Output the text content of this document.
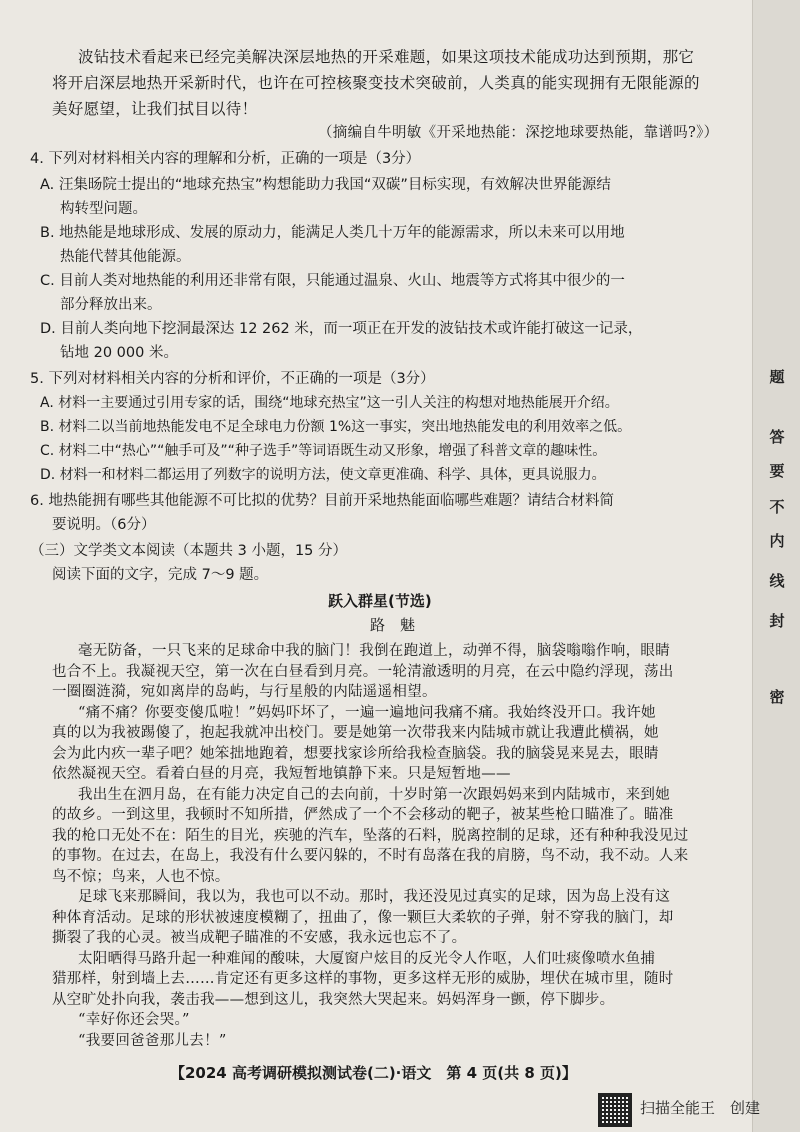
波钻技术看起来已经完美解决深层地热的开采难题，如果这项技术能成功达到预期，那它
将开启深层地热开采新时代，也许在可控核聚变技术突破前，人类真的能实现拥有无限能源的
美好愿望，让我们拭目以待！
（摘编自牛明敏《开采地热能：深挖地球要热能，靠谱吗?》）
4. 下列对材料相关内容的理解和分析，正确的一项是（3分）
A. 汪集旸院士提出的“地球充热宝”构想能助力我国“双碳”目标实现，有效解决世界能源结
构转型问题。
B. 地热能是地球形成、发展的原动力，能满足人类几十万年的能源需求，所以未来可以用地
热能代替其他能源。
C. 目前人类对地热能的利用还非常有限，只能通过温泉、火山、地震等方式将其中很少的一
部分释放出来。
D. 目前人类向地下挖洞最深达 12 262 米，而一项正在开发的波钻技术或许能打破这一记录，
钻地 20 000 米。
5. 下列对材料相关内容的分析和评价，不正确的一项是（3分）
A. 材料一主要通过引用专家的话，围绕“地球充热宝”这一引人关注的构想对地热能展开介绍。
B. 材料二以当前地热能发电不足全球电力份额 1%这一事实，突出地热能发电的利用效率之低。
C. 材料二中“热心”“触手可及”“种子选手”等词语既生动又形象，增强了科普文章的趣味性。
D. 材料一和材料二都运用了列数字的说明方法，使文章更准确、科学、具体，更具说服力。
6. 地热能拥有哪些其他能源不可比拟的优势？目前开采地热能面临哪些难题？请结合材料简
要说明。（6分）
（三）文学类文本阅读（本题共 3 小题，15 分）
阅读下面的文字，完成 7～9 题。
跃入群星(节选)
路　魅
毫无防备，一只飞来的足球命中我的脑门！我倒在跑道上，动弹不得，脑袋嗡嗡作响，眼睛
也合不上。我凝视天空，第一次在白昼看到月亮。一轮清澈透明的月亮，在云中隐约浮现，荡出
一圈圈涟漪，宛如离岸的岛屿，与行星般的内陆遥遥相望。
“痛不痛？你要变傻瓜啦！”妈妈吓坏了，一遍一遍地问我痛不痛。我始终没开口。我许她
真的以为我被踢傻了，抱起我就冲出校门。要是她第一次带我来内陆城市就让我遭此横祸，她
会为此内疚一辈子吧？她笨拙地跑着，想要找家诊所给我检查脑袋。我的脑袋晃来晃去，眼睛
依然凝视天空。看着白昼的月亮，我短暂地镇静下来。只是短暂地——
我出生在泗月岛，在有能力决定自己的去向前，十岁时第一次跟妈妈来到内陆城市，来到她
的故乡。一到这里，我顿时不知所措，俨然成了一个不会移动的靶子，被某些枪口瞄准了。瞄准
我的枪口无处不在：陌生的目光，疾驰的汽车，坠落的石料，脱离控制的足球，还有种种我没见过
的事物。在过去，在岛上，我没有什么要闪躲的，不时有岛落在我的肩膀，鸟不动，我不动。人来
鸟不惊；鸟来，人也不惊。
足球飞来那瞬间，我以为，我也可以不动。那时，我还没见过真实的足球，因为岛上没有这
种体育活动。足球的形状被速度模糊了，扭曲了，像一颗巨大柔软的子弹，射不穿我的脑门，却
撕裂了我的心灵。被当成靶子瞄准的不安感，我永远也忘不了。
【2024 高考调研模拟测试卷(二)·语文　第 4 页(共 8 页)】
题
答
要
不
内
线
封
密
扫描全能王　创建
太阳晒得马路升起一种难闻的酸味，大厦窗户炫目的反光令人作呕，人们吐痰像喷水鱼捕
猎那样，射到墙上去……肯定还有更多这样的事物，更多这样无形的威胁，埋伏在城市里，随时
从空旷处扑向我，袭击我——想到这儿，我突然大哭起来。妈妈浑身一颤，停下脚步。
“幸好你还会哭。”
“我要回爸爸那儿去！”
